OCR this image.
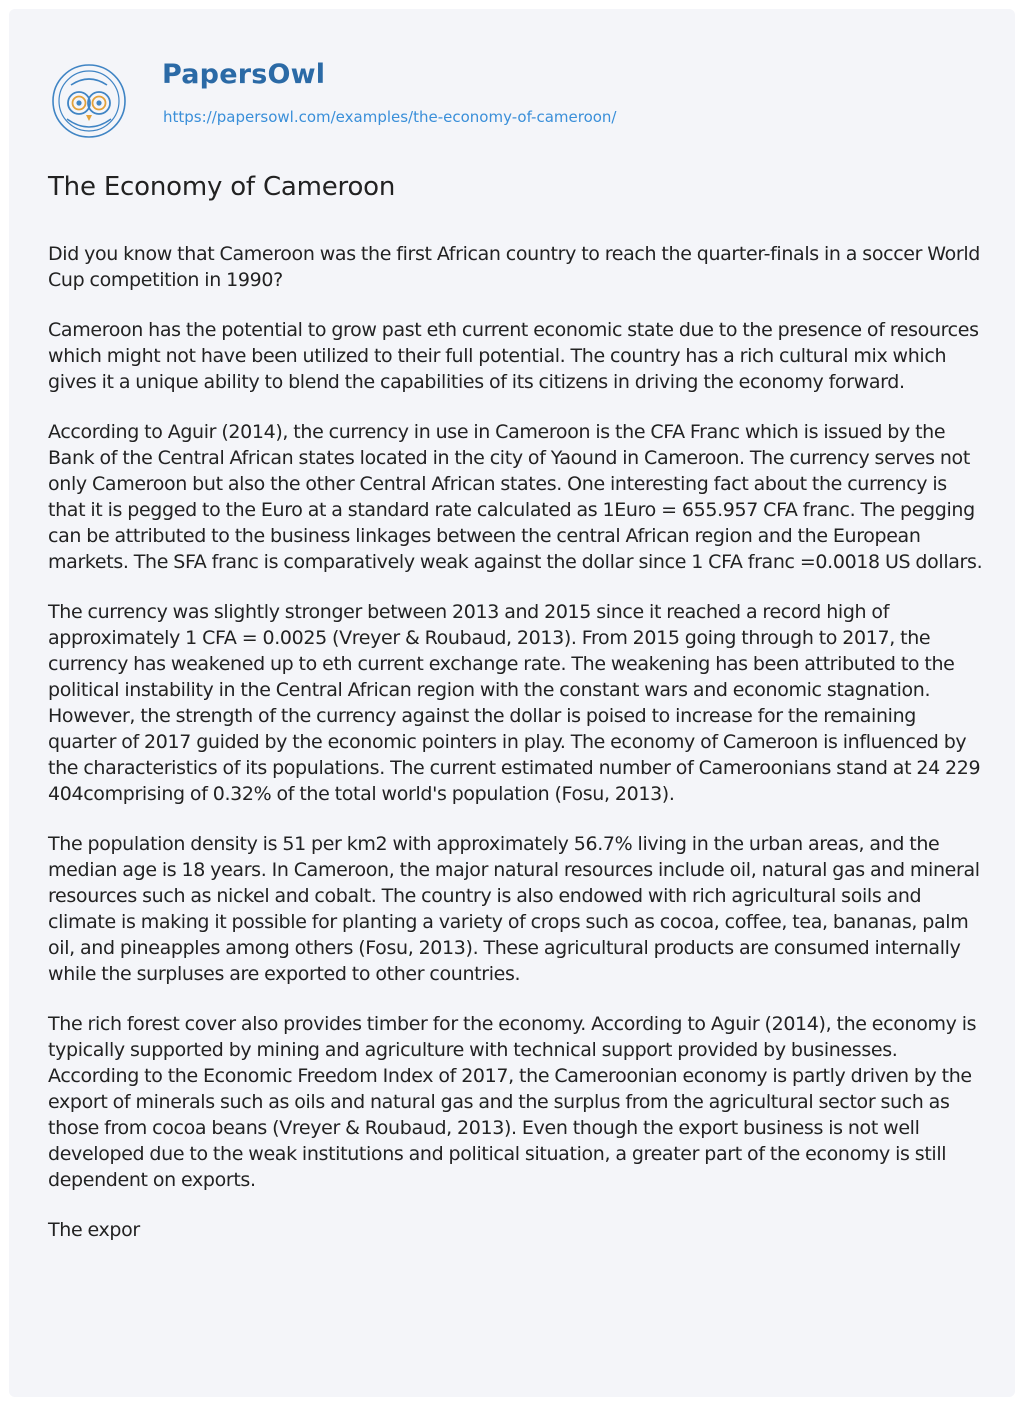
PapersOwl
https://papersowl.com/examples/the-economy-of-cameroon/
The Economy of Cameroon

Did you know that Cameroon was the first African country to reach the quarter-finals in a soccer World Cup competition in 1990?

Cameroon has the potential to grow past eth current economic state due to the presence of resources which might not have been utilized to their full potential. The country has a rich cultural mix which gives it a unique ability to blend the capabilities of its citizens in driving the economy forward.

According to Aguir (2014), the currency in use in Cameroon is the CFA Franc which is issued by the Bank of the Central African states located in the city of Yaound in Cameroon. The currency serves not only Cameroon but also the other Central African states. One interesting fact about the currency is that it is pegged to the Euro at a standard rate calculated as 1Euro = 655.957 CFA franc. The pegging can be attributed to the business linkages between the central African region and the European markets. The SFA franc is comparatively weak against the dollar since 1 CFA franc =0.0018 US dollars.

The currency was slightly stronger between 2013 and 2015 since it reached a record high of approximately 1 CFA = 0.0025 (Vreyer & Roubaud, 2013). From 2015 going through to 2017, the currency has weakened up to eth current exchange rate. The weakening has been attributed to the political instability in the Central African region with the constant wars and economic stagnation. However, the strength of the currency against the dollar is poised to increase for the remaining quarter of 2017 guided by the economic pointers in play. The economy of Cameroon is influenced by the characteristics of its populations. The current estimated number of Cameroonians stand at 24 229 404comprising of 0.32% of the total world's population (Fosu, 2013).

The population density is 51 per km2 with approximately 56.7% living in the urban areas, and the median age is 18 years. In Cameroon, the major natural resources include oil, natural gas and mineral resources such as nickel and cobalt. The country is also endowed with rich agricultural soils and climate is making it possible for planting a variety of crops such as cocoa, coffee, tea, bananas, palm oil, and pineapples among others (Fosu, 2013). These agricultural products are consumed internally while the surpluses are exported to other countries.

The rich forest cover also provides timber for the economy. According to Aguir (2014), the economy is typically supported by mining and agriculture with technical support provided by businesses. According to the Economic Freedom Index of 2017, the Cameroonian economy is partly driven by the export of minerals such as oils and natural gas and the surplus from the agricultural sector such as those from cocoa beans (Vreyer & Roubaud, 2013). Even though the export business is not well developed due to the weak institutions and political situation, a greater part of the economy is still dependent on exports.

The expor
